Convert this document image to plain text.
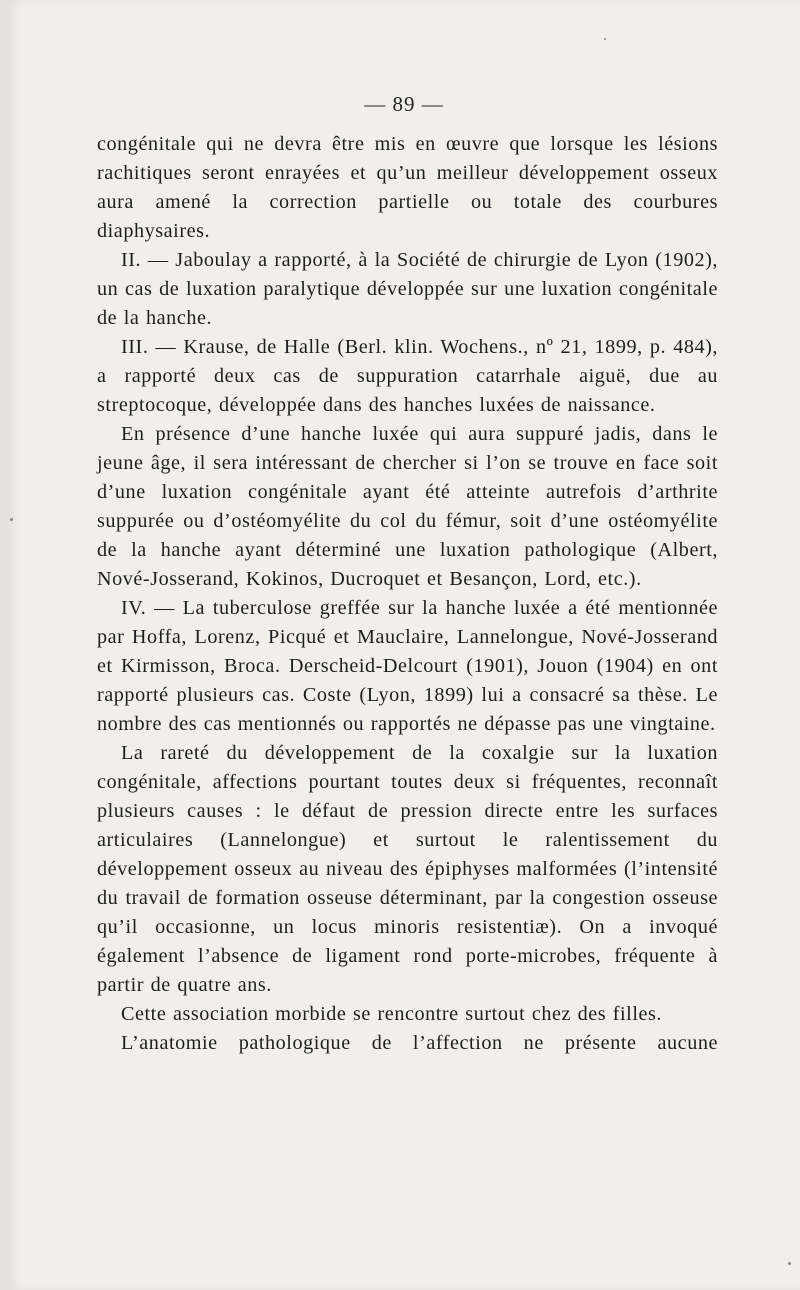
— 89 —

congénitale qui ne devra être mis en œuvre que lorsque les lésions rachitiques seront enrayées et qu’un meilleur développement osseux aura amené la correction partielle ou totale des courbures diaphysaires.

II. — Jaboulay a rapporté, à la Société de chirurgie de Lyon (1902), un cas de luxation paralytique développée sur une luxation congénitale de la hanche.

III. — Krause, de Halle (Berl. klin. Wochens., nº 21, 1899, p. 484), a rapporté deux cas de suppuration catarrhale aiguë, due au streptocoque, développée dans des hanches luxées de naissance.

En présence d’une hanche luxée qui aura suppuré jadis, dans le jeune âge, il sera intéressant de chercher si l’on se trouve en face soit d’une luxation congénitale ayant été atteinte autrefois d’arthrite suppurée ou d’ostéomyélite du col du fémur, soit d’une ostéomyélite de la hanche ayant déterminé une luxation pathologique (Albert, Nové-Josserand, Kokinos, Ducroquet et Besançon, Lord, etc.).

IV. — La tuberculose greffée sur la hanche luxée a été mentionnée par Hoffa, Lorenz, Picqué et Mauclaire, Lannelongue, Nové-Josserand et Kirmisson, Broca. Derscheid-Delcourt (1901), Jouon (1904) en ont rapporté plusieurs cas. Coste (Lyon, 1899) lui a consacré sa thèse. Le nombre des cas mentionnés ou rapportés ne dépasse pas une vingtaine.

La rareté du développement de la coxalgie sur la luxation congénitale, affections pourtant toutes deux si fréquentes, reconnaît plusieurs causes : le défaut de pression directe entre les surfaces articulaires (Lannelongue) et surtout le ralentissement du développement osseux au niveau des épiphyses malformées (l’intensité du travail de formation osseuse déterminant, par la congestion osseuse qu’il occasionne, un locus minoris resistentiæ). On a invoqué également l’absence de ligament rond porte-microbes, fréquente à partir de quatre ans.

Cette association morbide se rencontre surtout chez des filles.

L’anatomie pathologique de l’affection ne présente aucune
